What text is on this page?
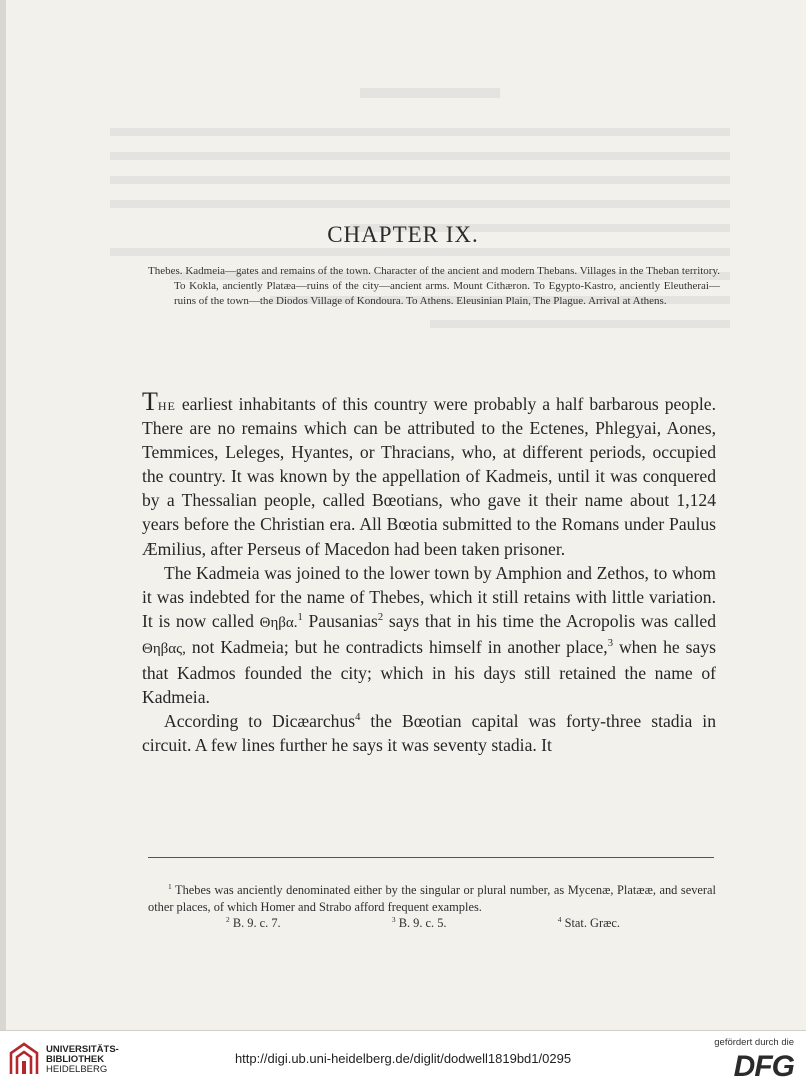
CHAPTER IX.

Thebes. Kadmeia—gates and remains of the town. Character of the ancient and modern Thebans. Villages in the Theban territory. To Kokla, anciently Platæa—ruins of the city—ancient arms. Mount Cithæron. To Egypto-Kastro, anciently Eleutherai—ruins of the town—the Diodos Village of Kondoura. To Athens. Eleusinian Plain, The Plague. Arrival at Athens.

The earliest inhabitants of this country were probably a half barbarous people. There are no remains which can be attributed to the Ectenes, Phlegyai, Aones, Temmices, Leleges, Hyantes, or Thracians, who, at different periods, occupied the country. It was known by the appellation of Kadmeis, until it was conquered by a Thessalian people, called Bœotians, who gave it their name about 1,124 years before the Christian era. All Bœotia submitted to the Romans under Paulus Æmilius, after Perseus of Macedon had been taken prisoner.

The Kadmeia was joined to the lower town by Amphion and Zethos, to whom it was indebted for the name of Thebes, which it still retains with little variation. It is now called Θηβα.$^1$ Pausanias$^2$ says that in his time the Acropolis was called Θηβας, not Kadmeia; but he contradicts himself in another place,$^3$ when he says that Kadmos founded the city; which in his days still retained the name of Kadmeia.

According to Dicæarchus$^4$ the Bœotian capital was forty-three stadia in circuit. A few lines further he says it was seventy stadia. It

$^1$ Thebes was anciently denominated either by the singular or plural number, as Mycenæ, Platææ, and several other places, of which Homer and Strabo afford frequent examples.

$^2$ B. 9. c. 7.	$^3$ B. 9. c. 5.	$^4$ Stat. Græc.
UNIVERSITÄTS-
BIBLIOTHEK
HEIDELBERG
http://digi.ub.uni-heidelberg.de/diglit/dodwell1819bd1/0295
gefördert durch die
DFG
